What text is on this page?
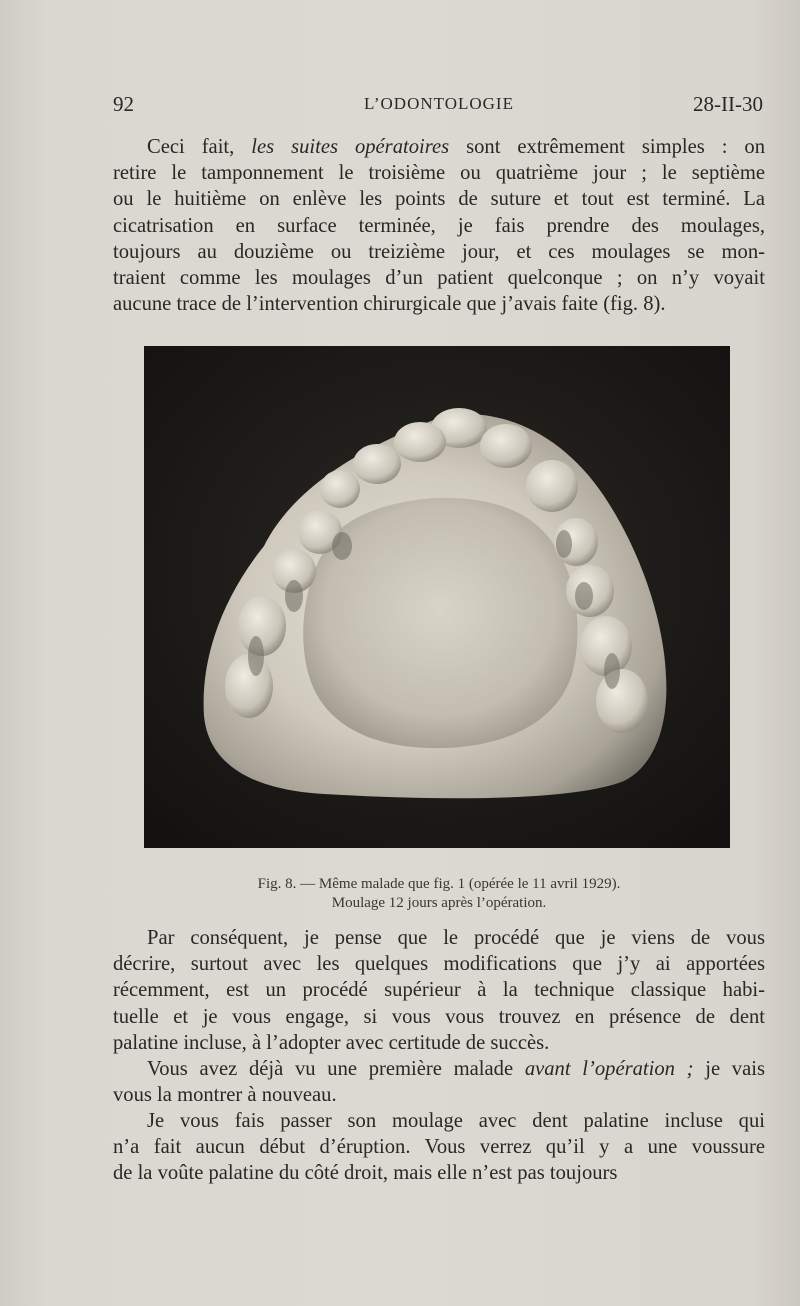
92	L’ODONTOLOGIE	28-II-30
Ceci fait, les suites opératoires sont extrêmement simples : on
retire le tamponnement le troisième ou quatrième jour ; le septième
ou le huitième on enlève les points de suture et tout est terminé. La
cicatrisation en surface terminée, je fais prendre des moulages,
toujours au douzième ou treizième jour, et ces moulages se mon-
traient comme les moulages d’un patient quelconque ; on n’y voyait
aucune trace de l’intervention chirurgicale que j’avais faite (fig. 8).
Fig. 8. — Même malade que fig. 1 (opérée le 11 avril 1929).
Moulage 12 jours après l’opération.
Par conséquent, je pense que le procédé que je viens de vous
décrire, surtout avec les quelques modifications que j’y ai apportées
récemment, est un procédé supérieur à la technique classique habi-
tuelle et je vous engage, si vous vous trouvez en présence de dent
palatine incluse, à l’adopter avec certitude de succès.
Vous avez déjà vu une première malade avant l’opération ; je vais
vous la montrer à nouveau.
Je vous fais passer son moulage avec dent palatine incluse qui
n’a fait aucun début d’éruption. Vous verrez qu’il y a une voussure
de la voûte palatine du côté droit, mais elle n’est pas toujours
